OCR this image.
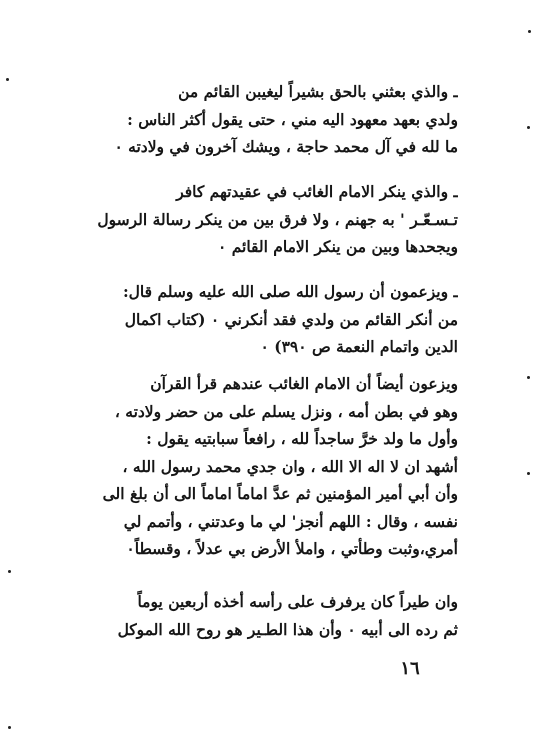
ـ والذي بعثني بالحق بشيراً ليغيبن القائم من
ولدي بعهد معهود اليه مني ، حتى يقول أكثر الناس :
ما لله في آل محمد حاجة ، ويشك آخرون في ولادته ٠
ـ والذي ينكر الامام الغائب في عقيدتهم كافر
تـسـعّـر ' به جهنم ، ولا فرق بين من ينكر رسالة الرسول
ويجحدها وبين من ينكر الامام القائم ٠
ـ ويزعمون أن رسول الله صلى الله عليه وسلم قال:
من أنكر القائم من ولدي فقد أنكرني ٠ (كتاب اكمال
الدين واتمام النعمة ص ٣٩٠) ٠
ويزعون أيضاً أن الامام الغائب عندهم قرأ القرآن
وهو في بطن أمه ، ونزل يسلم على من حضر ولادته ،
وأول ما ولد خرَّ ساجداً لله ، رافعاً سبابتيه يقول :
أشهد ان لا اله الا الله ، وان جدي محمد رسول الله ،
وأن أبي أمير المؤمنين ثم عدَّ اماماً اماماً الى أن بلغ الى
نفسه ، وقال : اللهم أنجز' لي ما وعدتني ، وأتمم لي
أمري،وثبت وطأتي ، واملأ الأرض بي عدلاً ، وقسطاً٠
وان طيراً كان يرفرف على رأسه أخذه أربعين يوماً
ثم رده الى أبيه ٠ وأن هذا الطـير هو روح الله الموكل
١٦
